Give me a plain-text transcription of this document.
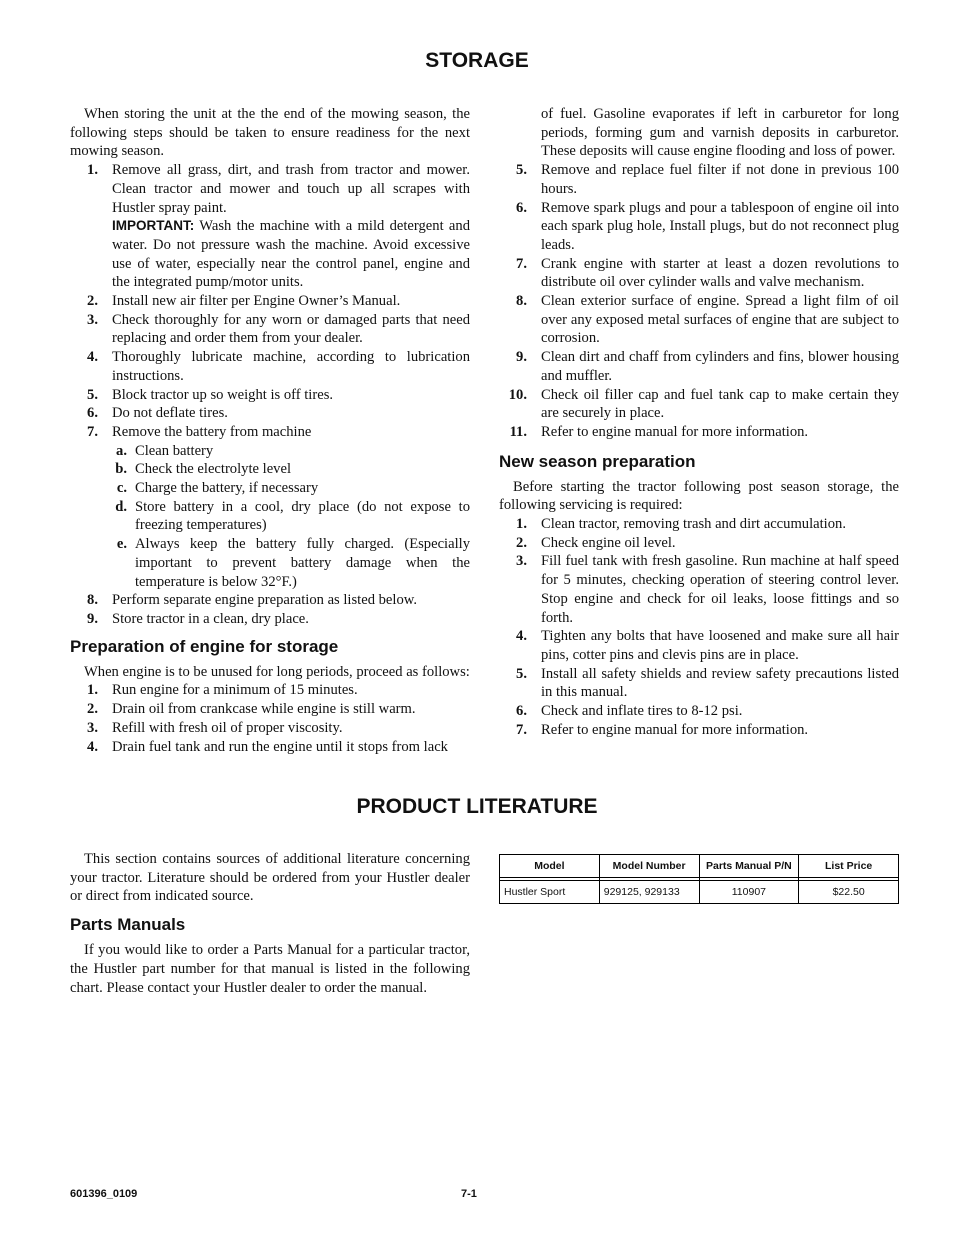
STORAGE

When storing the unit at the the end of the mowing season, the following steps should be taken to ensure readiness for the next mowing season.

1. Remove all grass, dirt, and trash from tractor and mower. Clean tractor and mower and touch up all scrapes with Hustler spray paint.
IMPORTANT: Wash the machine with a mild detergent and water. Do not pressure wash the machine. Avoid excessive use of water, especially near the control panel, engine and the integrated pump/motor units.
2. Install new air filter per Engine Owner’s Manual.
3. Check thoroughly for any worn or damaged parts that need replacing and order them from your dealer.
4. Thoroughly lubricate machine, according to lubrication instructions.
5. Block tractor up so weight is off tires.
6. Do not deflate tires.
7. Remove the battery from machine
a. Clean battery
b. Check the electrolyte level
c. Charge the battery, if necessary
d. Store battery in a cool, dry place (do not expose to freezing temperatures)
e. Always keep the battery fully charged. (Especially important to prevent battery damage when the temperature is below 32°F.)
8. Perform separate engine preparation as listed below.
9. Store tractor in a clean, dry place.
Preparation of engine for storage

When engine is to be unused for long periods, proceed as follows:

1. Run engine for a minimum of 15 minutes.
2. Drain oil from crankcase while engine is still warm.
3. Refill with fresh oil of proper viscosity.
4. Drain fuel tank and run the engine until it stops from lack
of fuel. Gasoline evaporates if left in carburetor for long periods, forming gum and varnish deposits in carburetor. These deposits will cause engine flooding and loss of power.
5. Remove and replace fuel filter if not done in previous 100 hours.
6. Remove spark plugs and pour a tablespoon of engine oil into each spark plug hole, Install plugs, but do not reconnect plug leads.
7. Crank engine with starter at least a dozen revolutions to distribute oil over cylinder walls and valve mechanism.
8. Clean exterior surface of engine. Spread a light film of oil over any exposed metal surfaces of engine that are subject to corrosion.
9. Clean dirt and chaff from cylinders and fins, blower housing and muffler.
10. Check oil filler cap and fuel tank cap to make certain they are securely in place.
11. Refer to engine manual for more information.
New season preparation

Before starting the tractor following post season storage, the following servicing is required:

1. Clean tractor, removing trash and dirt accumulation.
2. Check engine oil level.
3. Fill fuel tank with fresh gasoline. Run machine at half speed for 5 minutes, checking operation of steering control lever. Stop engine and check for oil leaks, loose fittings and so forth.
4. Tighten any bolts that have loosened and make sure all hair pins, cotter pins and clevis pins are in place.
5. Install all safety shields and review safety precautions listed in this manual.
6. Check and inflate tires to 8-12 psi.
7. Refer to engine manual for more information.
PRODUCT LITERATURE

This section contains sources of additional literature concerning your tractor. Literature should be ordered from your Hustler dealer or direct from indicated source.

Parts Manuals

If you would like to order a Parts Manual for a particular tractor, the Hustler part number for that manual is listed in the following chart. Please contact your Hustler dealer to order the manual.

Model	Model Number	Parts Manual P/N	List Price

Hustler Sport	929125, 929133	110907	$22.50
601396_0109	7-1
